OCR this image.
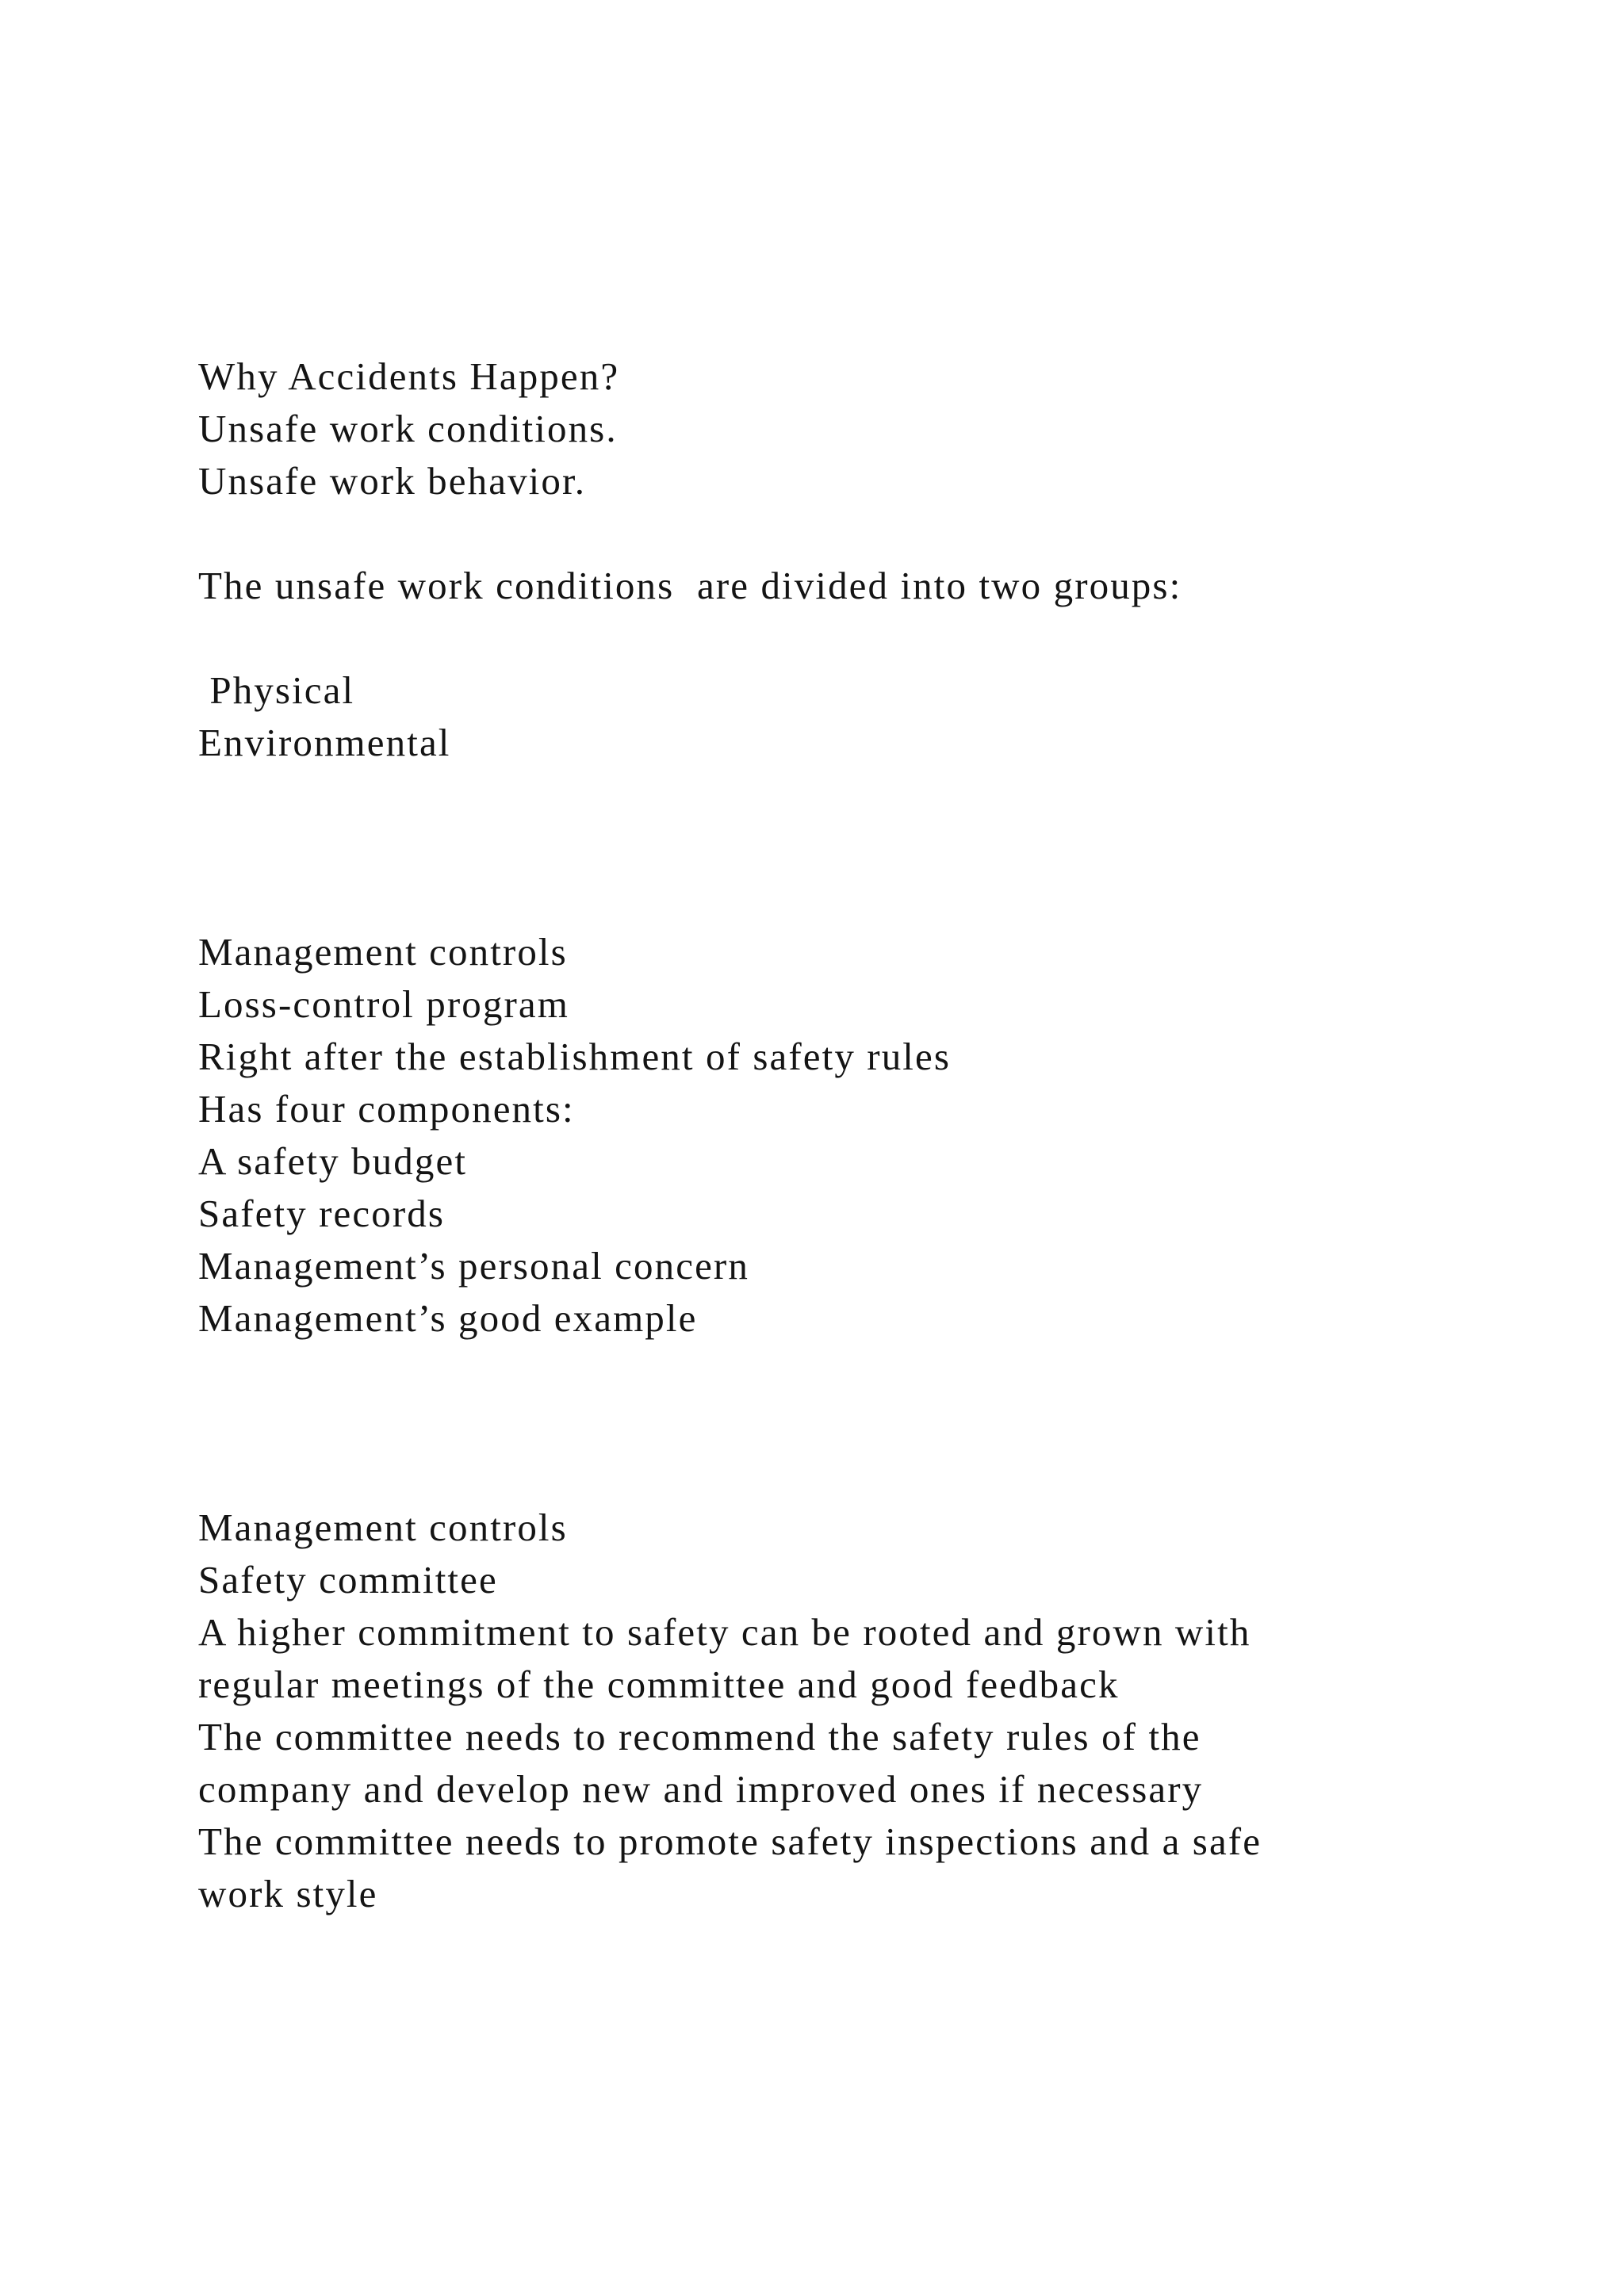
Why Accidents Happen?

Unsafe work conditions.

Unsafe work behavior.

The unsafe work conditions  are divided into two groups:

Physical

Environmental

Management controls

Loss-control program

Right after the establishment of safety rules

Has four components:

A safety budget

Safety records

Management’s personal concern

Management’s good example

Management controls

Safety committee

A higher commitment to safety can be rooted and grown with

regular meetings of the committee and good feedback

The committee needs to recommend the safety rules of the

company and develop new and improved ones if necessary

The committee needs to promote safety inspections and a safe

work style
